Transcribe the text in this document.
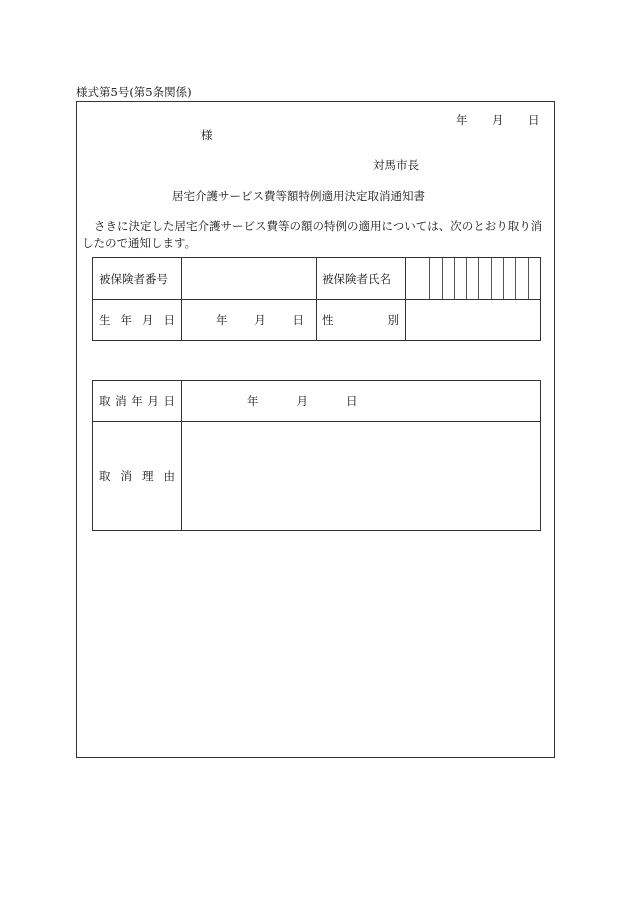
様式第5号(第5条関係)
年 月 日
様
対馬市長
居宅介護サービス費等額特例適用決定取消通知書
さきに決定した居宅介護サービス費等の額の特例の適用については、次のとおり取り消したので通知します。
被保険者番号		被保険者氏名	

生 年 月 日	年 月 日	性 別	

取 消 年 月 日	年 月 日

取 消 理 由	
